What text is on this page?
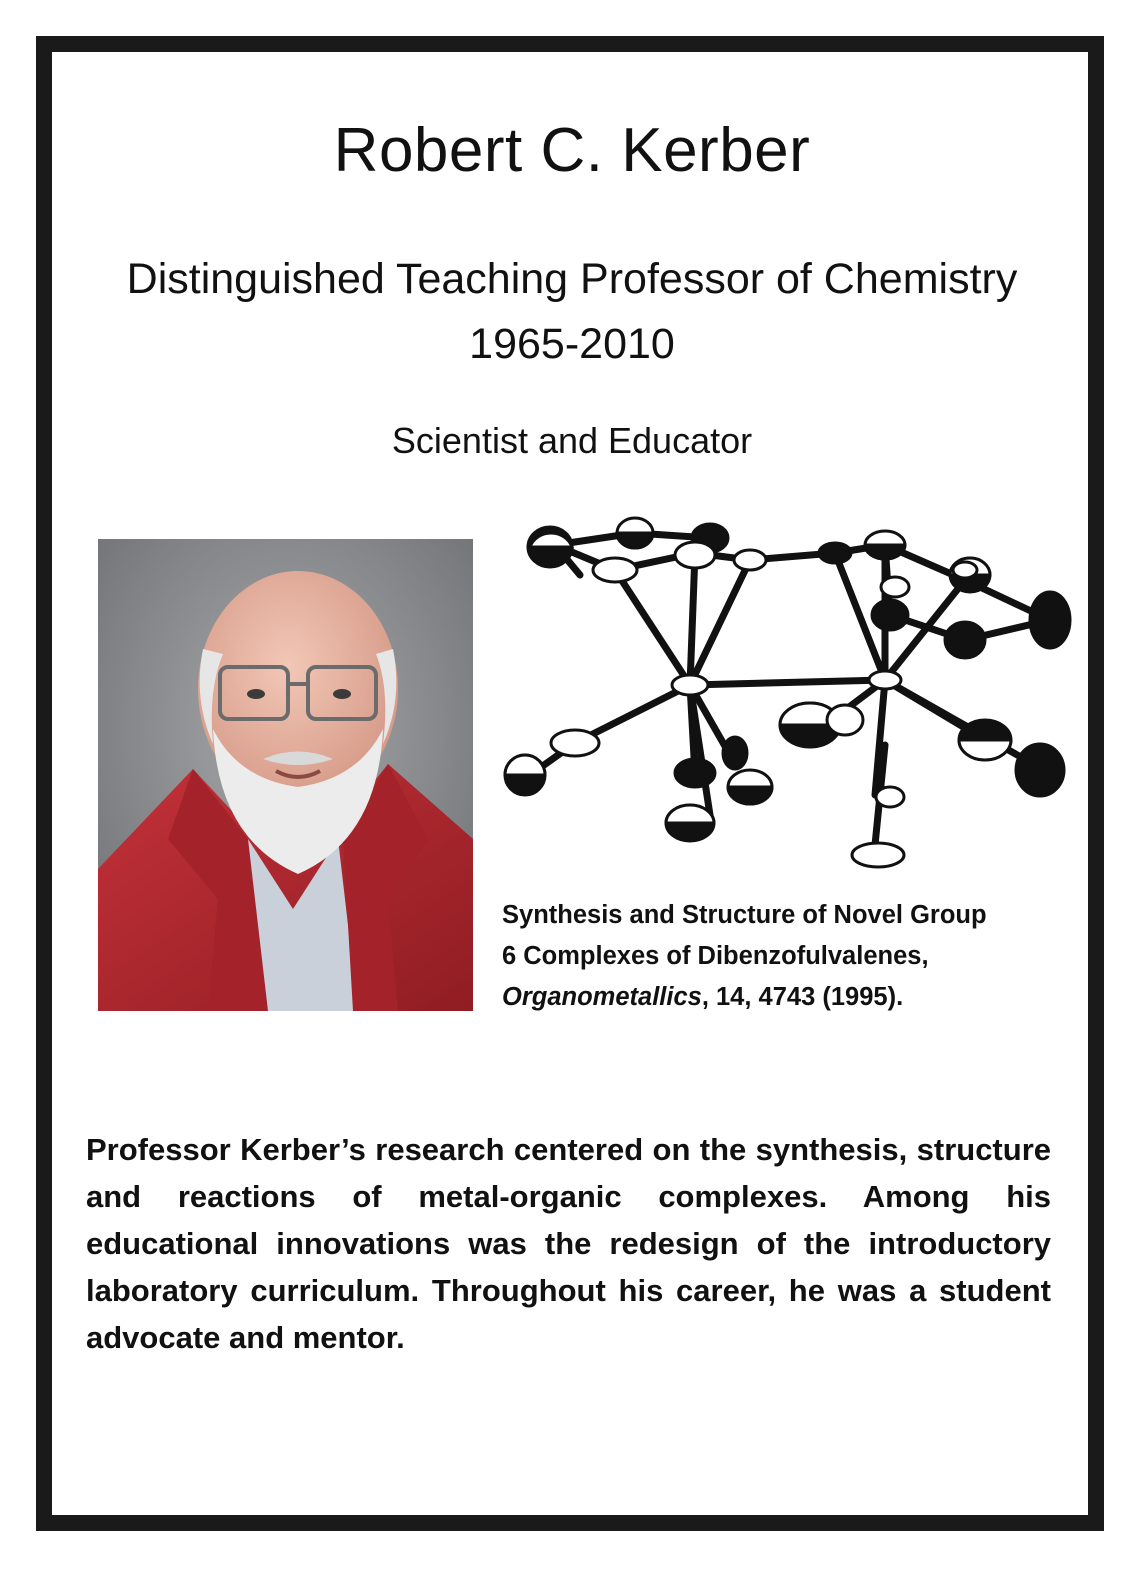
Robert C. Kerber
Distinguished Teaching Professor of Chemistry
1965-2010
Scientist and Educator
Synthesis and Structure of Novel Group
6 Complexes of Dibenzofulvalenes,
Organometallics, 14, 4743 (1995).
Professor Kerber’s research centered on the synthesis, structure and reactions of metal-organic complexes. Among his educational innovations was the redesign of the introductory laboratory curriculum. Throughout his career, he was a student advocate and mentor.
